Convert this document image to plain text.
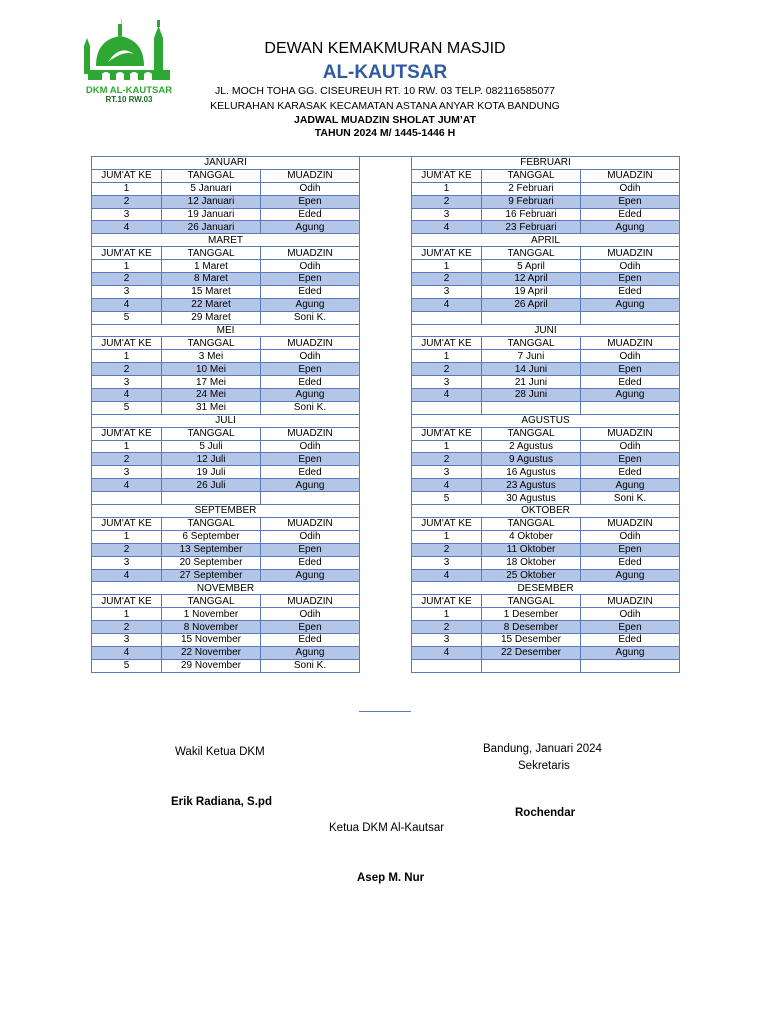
DKM AL-KAUTSAR
RT.10 RW.03
DEWAN KEMAKMURAN MASJID
AL-KAUTSAR
JL. MOCH TOHA GG. CISEUREUH RT. 10 RW. 03 TELP. 082116585077
KELURAHAN KARASAK KECAMATAN ASTANA ANYAR KOTA BANDUNG
JADWAL MUADZIN SHOLAT JUM’AT
TAHUN 2024 M/ 1445-1446 H
JANUARI		
JUM'AT KE	TANGGAL	MUADZIN
1	5 Januari	Odih
2	12 Januari	Epen
3	19 Januari	Eded
4	26 Januari	Agung
MARET		
JUM'AT KE	TANGGAL	MUADZIN
1	1 Maret	Odih
2	8 Maret	Epen
3	15 Maret	Eded
4	22 Maret	Agung
5	29 Maret	Soni K.
MEI		
JUM'AT KE	TANGGAL	MUADZIN
1	3 Mei	Odih
2	10 Mei	Epen
3	17 Mei	Eded
4	24 Mei	Agung
5	31 Mei	Soni K.
JULI		
JUM'AT KE	TANGGAL	MUADZIN
1	5 Juli	Odih
2	12 Juli	Epen
3	19 Juli	Eded
4	26 Juli	Agung

SEPTEMBER		
JUM'AT KE	TANGGAL	MUADZIN
1	6 September	Odih
2	13 September	Epen
3	20 September	Eded
4	27 September	Agung
NOVEMBER		
JUM'AT KE	TANGGAL	MUADZIN
1	1 November	Odih
2	8 November	Epen
3	15 November	Eded
4	22 November	Agung
5	29 November	Soni K.
FEBRUARI		
JUM'AT KE	TANGGAL	MUADZIN
1	2 Februari	Odih
2	9 Februari	Epen
3	16 Februari	Eded
4	23 Februari	Agung
APRIL		
JUM'AT KE	TANGGAL	MUADZIN
1	5 April	Odih
2	12 April	Epen
3	19 April	Eded
4	26 April	Agung

JUNI		
JUM'AT KE	TANGGAL	MUADZIN
1	7 Juni	Odih
2	14 Juni	Epen
3	21 Juni	Eded
4	28 Juni	Agung

AGUSTUS		
JUM'AT KE	TANGGAL	MUADZIN
1	2 Agustus	Odih
2	9 Agustus	Epen
3	16 Agustus	Eded
4	23 Agustus	Agung
5	30 Agustus	Soni K.
OKTOBER		
JUM'AT KE	TANGGAL	MUADZIN
1	4 Oktober	Odih
2	11 Oktober	Epen
3	18 Oktober	Eded
4	25 Oktober	Agung
DESEMBER		
JUM'AT KE	TANGGAL	MUADZIN
1	1 Desember	Odih
2	8 Desember	Epen
3	15 Desember	Eded
4	22 Desember	Agung

Wakil Ketua DKM
Erik Radiana, S.pd
Bandung, Januari 2024
Sekretaris
Rochendar
Ketua DKM Al-Kautsar
Asep M. Nur
